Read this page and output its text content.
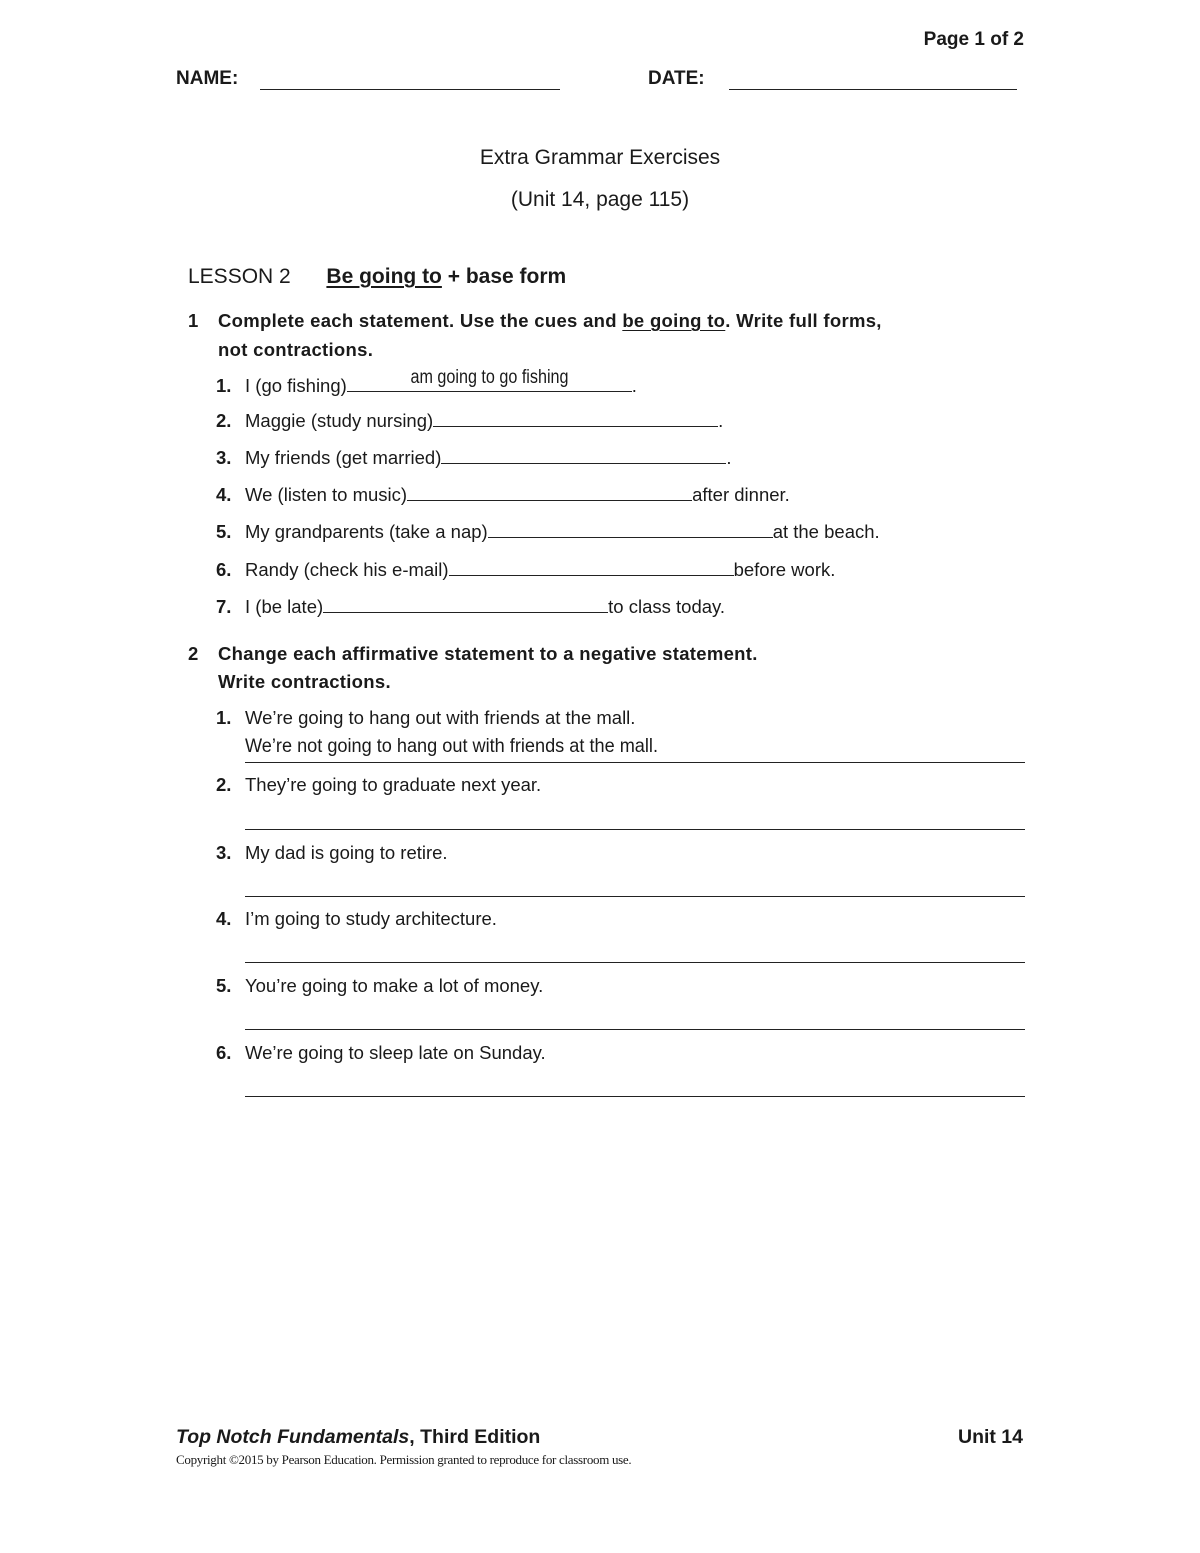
Page 1 of 2
NAME:	DATE:
Extra Grammar Exercises
(Unit 14, page 115)
LESSON 2 Be going to + base form
1 Complete each statement. Use the cues and be going to. Write full forms,
not contractions.
1. I (go fishing)	am going to go fishing	.
2. Maggie (study nursing)	.
3. My friends (get married)	.
4. We (listen to music)	after dinner.
5. My grandparents (take a nap)	at the beach.
6. Randy (check his e-mail)	before work.
7. I (be late)	to class today.
2 Change each affirmative statement to a negative statement.
Write contractions.
1. We’re going to hang out with friends at the mall.
We’re not going to hang out with friends at the mall.
2. They’re going to graduate next year.
3. My dad is going to retire.
4. I’m going to study architecture.
5. You’re going to make a lot of money.
6. We’re going to sleep late on Sunday.
Top Notch Fundamentals, Third Edition	Unit 14
Copyright ©2015 by Pearson Education. Permission granted to reproduce for classroom use.
